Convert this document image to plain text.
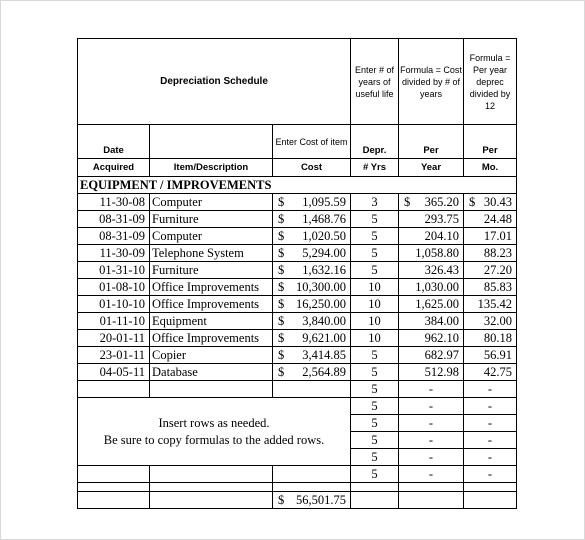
Depreciation Schedule			Enter # of years of useful life	Formula = Cost divided by # of years	Formula = Per year deprec divided by 12
Date		Enter Cost of item	Depr.	Per	Per
Acquired	Item/Description	Cost	# Yrs	Year	Mo.
EQUIPMENT / IMPROVEMENTS					
11-30-08	Computer	$ 1,095.59	3	$ 365.20	$ 30.43

08-31-09	Furniture	$ 1,468.76	5	293.75	24.48

08-31-09	Computer	$ 1,020.50	5	204.10	17.01

11-30-09	Telephone System	$ 5,294.00	5	1,058.80	88.23

01-31-10	Furniture	$ 1,632.16	5	326.43	27.20

01-08-10	Office Improvements	$ 10,300.00	10	1,030.00	85.83

01-10-10	Office Improvements	$ 16,250.00	10	1,625.00	135.42

01-11-10	Equipment	$ 3,840.00	10	384.00	32.00

20-01-11	Office Improvements	$ 9,621.00	10	962.10	80.18

23-01-11	Copier	$ 3,414.85	5	682.97	56.91

04-05-11	Database	$ 2,564.89	5	512.98	42.75

			5	-	-

Insert rows as needed.
Be sure to copy formulas to the added rows.			5	-	-
			5	-	-
			5	-	-
			5	-	-
			5	-	-

		$ 56,501.75			
